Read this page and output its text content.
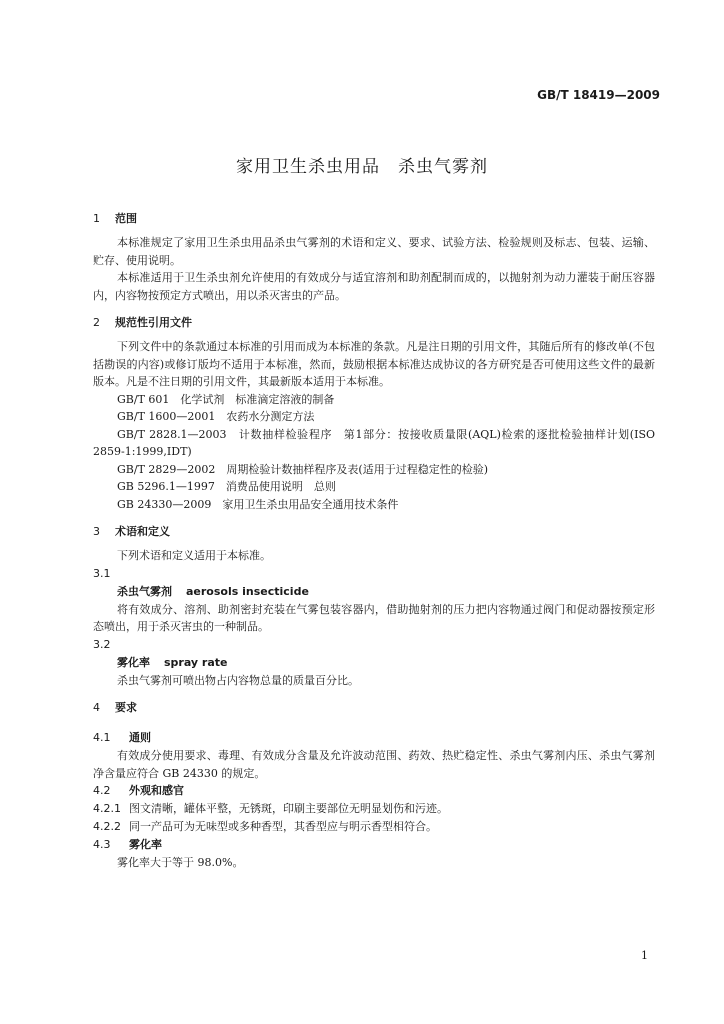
GB/T 18419—2009
家用卫生杀虫用品　杀虫气雾剂
1 范围

本标准规定了家用卫生杀虫用品杀虫气雾剂的术语和定义、要求、试验方法、检验规则及标志、包装、运输、贮存、使用说明。

本标准适用于卫生杀虫剂允许使用的有效成分与适宜溶剂和助剂配制而成的，以抛射剂为动力灌装于耐压容器内，内容物按预定方式喷出，用以杀灭害虫的产品。

2 规范性引用文件

下列文件中的条款通过本标准的引用而成为本标准的条款。凡是注日期的引用文件，其随后所有的修改单(不包括勘误的内容)或修订版均不适用于本标准，然而，鼓励根据本标准达成协议的各方研究是否可使用这些文件的最新版本。凡是不注日期的引用文件，其最新版本适用于本标准。

GB/T 601　化学试剂　标准滴定溶液的制备

GB/T 1600—2001　农药水分测定方法

GB/T 2828.1—2003　计数抽样检验程序　第1部分：按接收质量限(AQL)检索的逐批检验抽样计划(ISO 2859-1:1999,IDT)

GB/T 2829—2002　周期检验计数抽样程序及表(适用于过程稳定性的检验)

GB 5296.1—1997　消费品使用说明　总则

GB 24330—2009　家用卫生杀虫用品安全通用技术条件

3 术语和定义

下列术语和定义适用于本标准。

3.1

杀虫气雾剂 aerosols insecticide

将有效成分、溶剂、助剂密封充装在气雾包装容器内，借助抛射剂的压力把内容物通过阀门和促动器按预定形态喷出，用于杀灭害虫的一种制品。

3.2

雾化率 spray rate

杀虫气雾剂可喷出物占内容物总量的质量百分比。

4 要求
4.1 通则

有效成分使用要求、毒理、有效成分含量及允许波动范围、药效、热贮稳定性、杀虫气雾剂内压、杀虫气雾剂净含量应符合 GB 24330 的规定。

4.2 外观和感官
4.2.1 图文清晰，罐体平整，无锈斑，印刷主要部位无明显划伤和污迹。
4.2.2 同一产品可为无味型或多种香型，其香型应与明示香型相符合。
4.3 雾化率

雾化率大于等于 98.0%。

1
